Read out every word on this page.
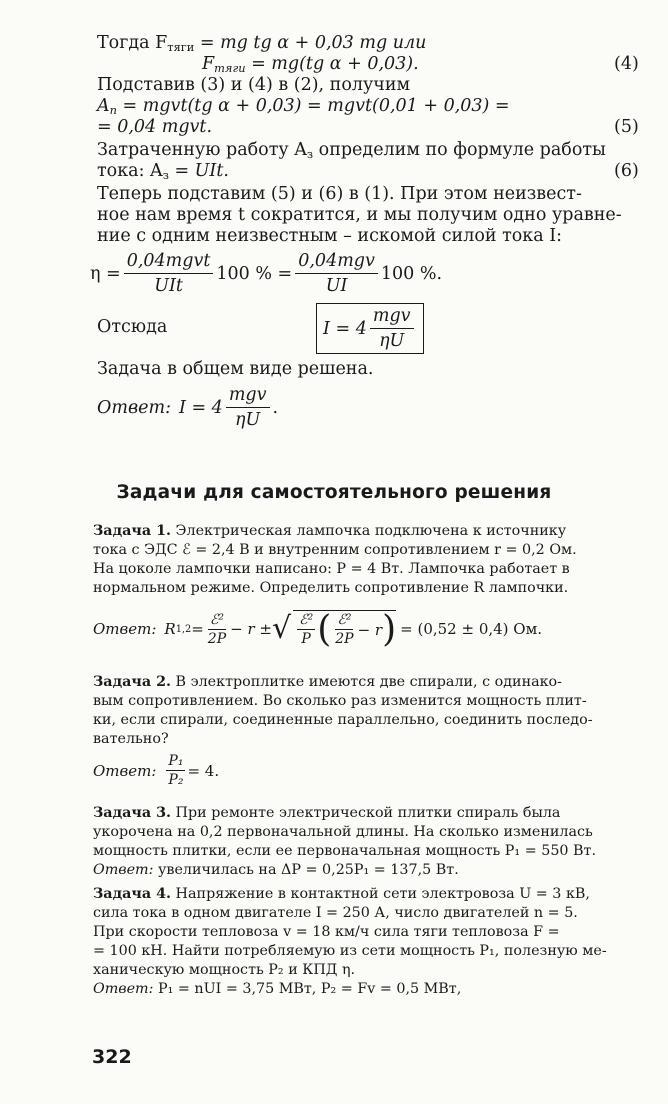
Тогда $F_{тяги}$ = mg tg α + 0,03 mg или
$F_{тяги} = mg(tg$ α + 0,03).	(4)
Подставив (3) и (4) в (2), получим
$A_п$ = mgvt(tg α + 0,03) = mgvt(0,01 + 0,03) =
= 0,04 mgvt.	(5)
Затраченную работу $A_з$ определим по формуле работы
тока: $A_з$ = UIt.	(6)
Теперь подставим (5) и (6) в (1). При этом неизвест-
ное нам время t сократится, и мы получим одно уравне-
ние с одним неизвестным – искомой силой тока I:
$\eta = \frac{\text{0,04mgvt}}{\text{UIt}} 100$ % = $\frac{\text{0,04mgv}}{UI} 100$ %.
Отсюда	$I = 4 \frac{\text{mgv}}{\eta U}$
Задача в общем виде решена.
Ответ: $I = 4 \frac{\text{mgv}}{\eta U}$ .
Задачи для самостоятельного решения
Задача 1. Электрическая лампочка подключена к источнику
тока с ЭДС ℰ = 2,4 В и внутренним сопротивлением r = 0,2 Ом.
На цоколе лампочки написано: P = 4 Вт. Лампочка работает в
нормальном режиме. Определить сопротивление R лампочки.
Ответ: R 1,2 =
ℰ²
2P
− r ± √ ℰ²
P ( ℰ²
2P
− r ) = (0,52 ± 0,4) Ом.
Задача 2. В электроплитке имеются две спирали, с одинако-
вым сопротивлением. Во сколько раз изменится мощность плит-
ки, если спирали, соединенные параллельно, соединить последо-
вательно?
Ответ: $\frac{\text{P₁}}{\text{P₂}} = 4$.
Задача 3. При ремонте электрической плитки спираль была
укорочена на 0,2 первоначальной длины. На сколько изменилась
мощность плитки, если ее первоначальная мощность P₁ = 550 Вт.
Ответ: увеличилась на ΔP = 0,25P₁ = 137,5 Вт.
Задача 4. Напряжение в контактной сети электровоза U = 3 кВ,
сила тока в одном двигателе I = 250 А, число двигателей n = 5.
При скорости тепловоза v = 18 км/ч сила тяги тепловоза F =
= 100 кН. Найти потребляемую из сети мощность P₁, полезную ме-
ханическую мощность P₂ и КПД η.
Ответ: P₁ = nUI = 3,75 МВт, P₂ = Fv = 0,5 МВт,
322
